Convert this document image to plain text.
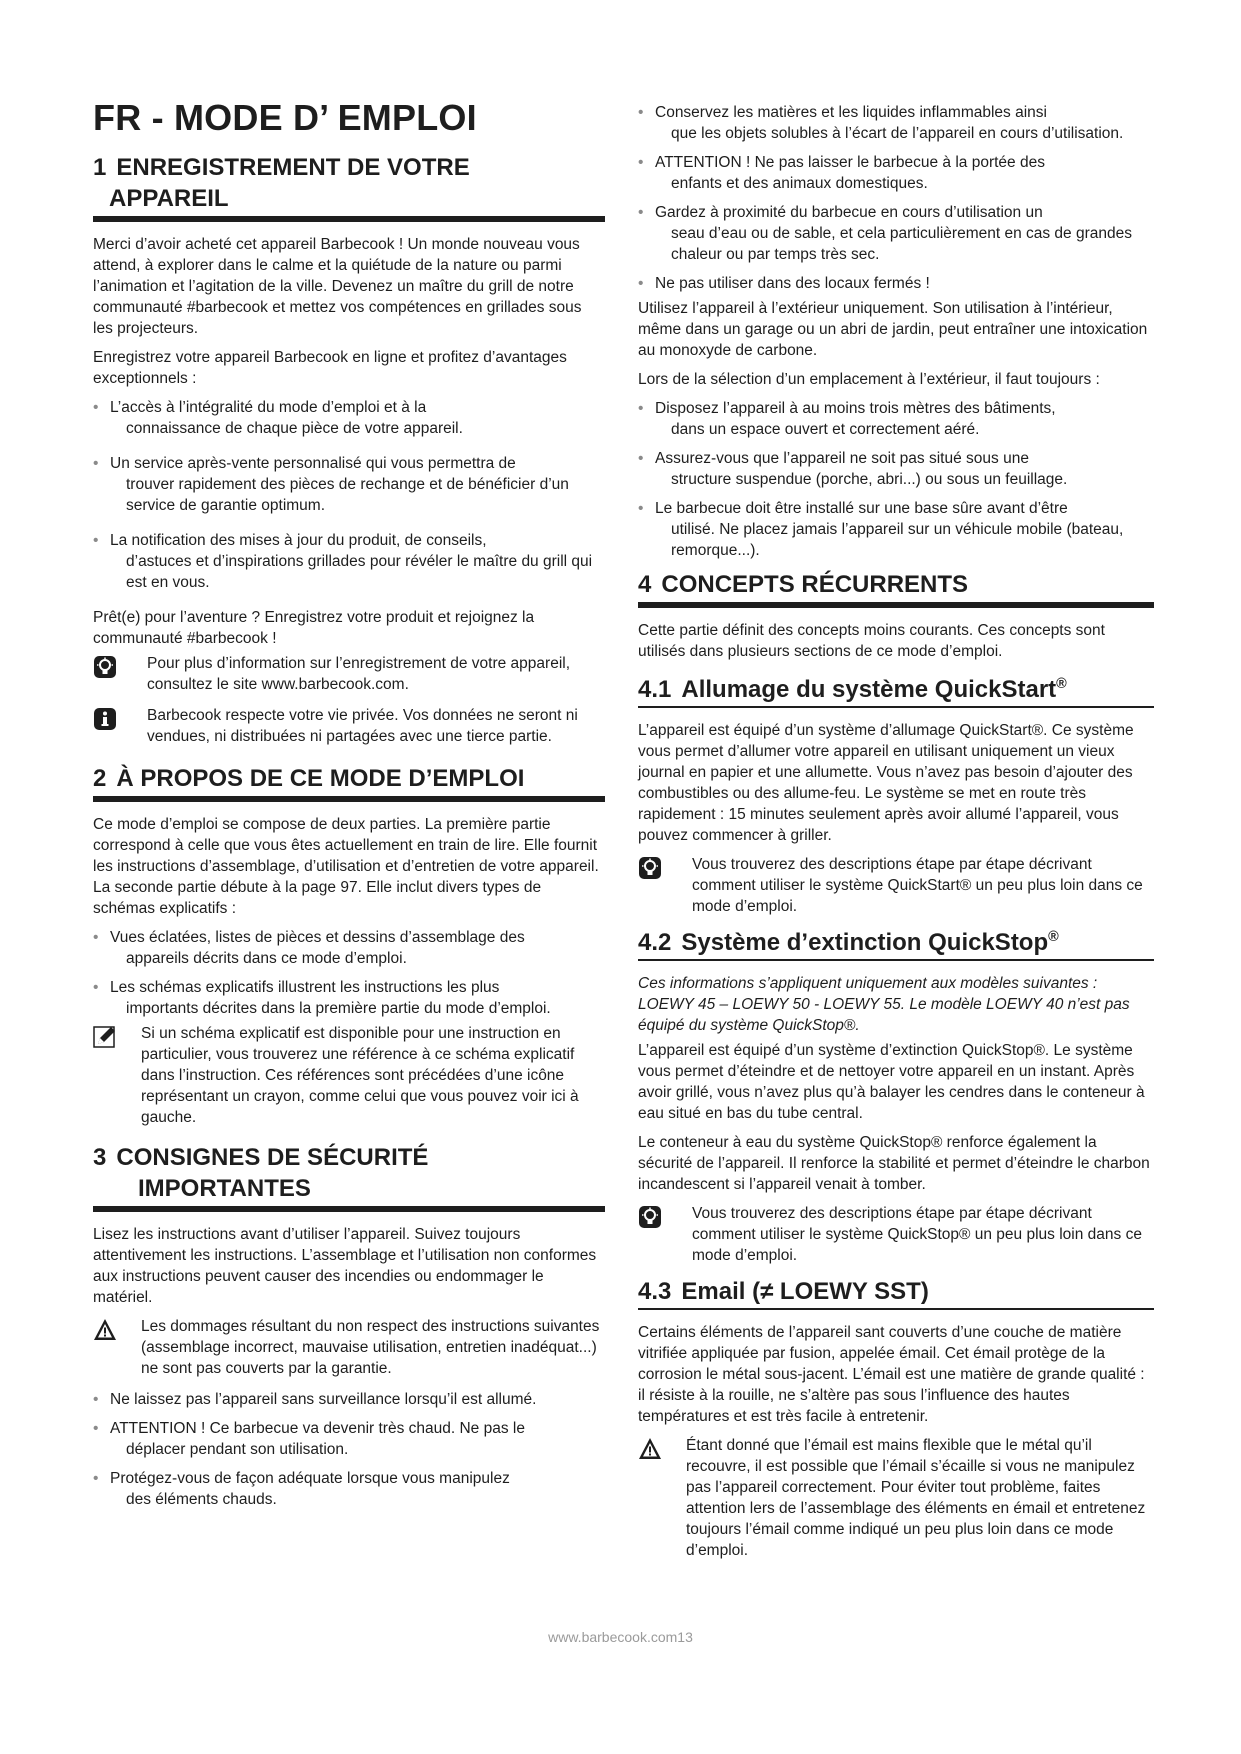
FR - MODE D’ EMPLOI
1 ENREGISTREMENT DE VOTRE
APPAREIL

Merci d’avoir acheté cet appareil Barbecook ! Un monde nouveau vous attend, à explorer dans le calme et la quiétude de la nature ou parmi l’animation et l’agitation de la ville. Devenez un maître du grill de notre communauté #barbecook et mettez vos compétences en grillades sous les projecteurs.

Enregistrez votre appareil Barbecook en ligne et profitez d’avantages exceptionnels :

• L’accès à l’intégralité du mode d’emploi et à la
connaissance de chaque pièce de votre appareil.
• Un service après-vente personnalisé qui vous permettra de
trouver rapidement des pièces de rechange et de bénéficier d’un service de garantie optimum.
• La notification des mises à jour du produit, de conseils,
d’astuces et d’inspirations grillades pour révéler le maître du grill qui est en vous.

Prêt(e) pour l’aventure ? Enregistrez votre produit et rejoignez la communauté #barbecook !

Pour plus d’information sur l’enregistrement de votre appareil, consultez le site www.barbecook.com.

Barbecook respecte votre vie privée. Vos données ne seront ni vendues, ni distribuées ni partagées avec une tierce partie.

2 À PROPOS DE CE MODE D’EMPLOI

Ce mode d’emploi se compose de deux parties. La première partie correspond à celle que vous êtes actuellement en train de lire. Elle fournit les instructions d’assemblage, d’utilisation et d’entretien de votre appareil. La seconde partie débute à la page 97. Elle inclut divers types de schémas explicatifs :

• Vues éclatées, listes de pièces et dessins d’assemblage des
appareils décrits dans ce mode d’emploi.
• Les schémas explicatifs illustrent les instructions les plus
importants décrites dans la première partie du mode d’emploi.

Si un schéma explicatif est disponible pour une instruction en particulier, vous trouverez une référence à ce schéma explicatif dans l’instruction. Ces références sont précédées d’une icône représentant un crayon, comme celui que vous pouvez voir ici à gauche.

3 CONSIGNES DE SÉCURITÉ
IMPORTANTES

Lisez les instructions avant d’utiliser l’appareil. Suivez toujours attentivement les instructions. L’assemblage et l’utilisation non conformes aux instructions peuvent causer des incendies ou endommager le matériel.

Les dommages résultant du non respect des instructions suivantes (assemblage incorrect, mauvaise utilisation, entretien inadéquat...) ne sont pas couverts par la garantie.

• Ne laissez pas l’appareil sans surveillance lorsqu’il est allumé.
• ATTENTION ! Ce barbecue va devenir très chaud. Ne pas le
déplacer pendant son utilisation.
• Protégez-vous de façon adéquate lorsque vous manipulez
des éléments chauds.
• Conservez les matières et les liquides inflammables ainsi
que les objets solubles à l’écart de l’appareil en cours d’utilisation.
• ATTENTION ! Ne pas laisser le barbecue à la portée des
enfants et des animaux domestiques.
• Gardez à proximité du barbecue en cours d’utilisation un
seau d’eau ou de sable, et cela particulièrement en cas de grandes chaleur ou par temps très sec.
• Ne pas utiliser dans des locaux fermés !

Utilisez l’appareil à l’extérieur uniquement. Son utilisation à l’intérieur, même dans un garage ou un abri de jardin, peut entraîner une intoxication au monoxyde de carbone.

Lors de la sélection d’un emplacement à l’extérieur, il faut toujours :

• Disposez l’appareil à au moins trois mètres des bâtiments,
dans un espace ouvert et correctement aéré.
• Assurez-vous que l’appareil ne soit pas situé sous une
structure suspendue (porche, abri...) ou sous un feuillage.
• Le barbecue doit être installé sur une base sûre avant d’être
utilisé. Ne placez jamais l’appareil sur un véhicule mobile (bateau, remorque...).
4 CONCEPTS RÉCURRENTS

Cette partie définit des concepts moins courants. Ces concepts sont utilisés dans plusieurs sections de ce mode d’emploi.

4.1 Allumage du système QuickStart®

L’appareil est équipé d’un système d’allumage QuickStart®. Ce système vous permet d’allumer votre appareil en utilisant uniquement un vieux journal en papier et une allumette. Vous n’avez pas besoin d’ajouter des combustibles ou des allume-feu. Le système se met en route très rapidement : 15 minutes seulement après avoir allumé l’appareil, vous pouvez commencer à griller.

Vous trouverez des descriptions étape par étape décrivant comment utiliser le système QuickStart® un peu plus loin dans ce mode d’emploi.

4.2 Système d’extinction QuickStop®

Ces informations s’appliquent uniquement aux modèles suivantes : LOEWY 45 – LOEWY 50 - LOEWY 55. Le modèle LOEWY 40 n’est pas équipé du système QuickStop®.

L’appareil est équipé d’un système d’extinction QuickStop®. Le système vous permet d’éteindre et de nettoyer votre appareil en un instant. Après avoir grillé, vous n’avez plus qu’à balayer les cendres dans le conteneur à eau situé en bas du tube central.

Le conteneur à eau du système QuickStop® renforce également la sécurité de l’appareil. Il renforce la stabilité et permet d’éteindre le charbon incandescent si l’appareil venait à tomber.

Vous trouverez des descriptions étape par étape décrivant comment utiliser le système QuickStop® un peu plus loin dans ce mode d’emploi.

4.3 Email (≠ LOEWY SST)

Certains éléments de l’appareil sant couverts d’une couche de matière vitrifiée appliquée par fusion, appelée émail. Cet émail protège de la corrosion le métal sous-jacent. L’émail est une matière de grande qualité : il résiste à la rouille, ne s’altère pas sous l’influence des hautes températures et est très facile à entretenir.

Étant donné que l’émail est mains flexible que le métal qu’il recouvre, il est possible que l’émail s’écaille si vous ne manipulez pas l’appareil correctement. Pour éviter tout problème, faites attention lers de l’assemblage des éléments en émail et entretenez toujours l’émail comme indiqué un peu plus loin dans ce mode d’emploi.

www.barbecook.com13
